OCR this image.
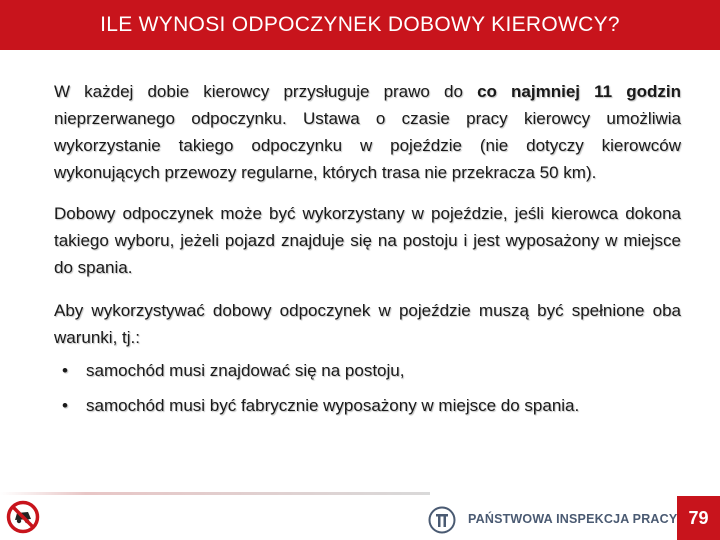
ILE WYNOSI ODPOCZYNEK DOBOWY KIEROWCY?

W każdej dobie kierowcy przysługuje prawo do co najmniej 11 godzin nieprzerwanego odpoczynku. Ustawa o czasie pracy kierowcy umożliwia wykorzystanie takiego odpoczynku w pojeździe (nie dotyczy kierowców wykonujących przewozy regularne, których trasa nie przekracza 50 km).

Dobowy odpoczynek może być wykorzystany w pojeździe, jeśli kierowca dokona takiego wyboru, jeżeli pojazd znajduje się na postoju i jest wyposażony w miejsce do spania.

Aby wykorzystywać dobowy odpoczynek w pojeździe muszą być spełnione oba warunki, tj.:

•	samochód musi znajdować się na postoju,
•	samochód musi być fabrycznie wyposażony w miejsce do spania.
PAŃSTWOWA INSPEKCJA PRACY 79
